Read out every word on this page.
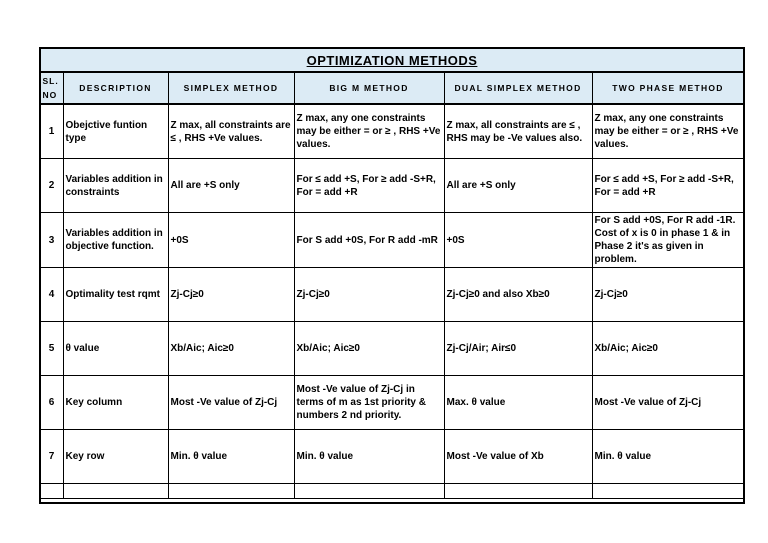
OPTIMIZATION METHODS					
SL.
NO	DESCRIPTION	SIMPLEX METHOD	BIG M METHOD	DUAL SIMPLEX METHOD	TWO PHASE METHOD
1	Obejctive funtion type	Z max, all constraints are ≤ , RHS +Ve values.	Z max, any one constraints may be either = or ≥ , RHS +Ve values.	Z max, all constraints are ≤ , RHS may be -Ve values also.	Z max, any one constraints may be either = or ≥ , RHS +Ve values.
2	Variables addition in constraints	All are +S only	For ≤ add +S, For ≥ add -S+R, For = add +R	All are +S only	For ≤ add +S, For ≥ add -S+R, For = add +R
3	Variables addition in objective function.	+0S	For S add +0S, For R add -mR	+0S	For S add +0S, For R add -1R. Cost of x is 0 in phase 1 & in Phase 2 it's as given in problem.
4	Optimality test rqmt	Zj-Cj≥0	Zj-Cj≥0	Zj-Cj≥0 and also Xb≥0	Zj-Cj≥0
5	θ value	Xb/Aic; Aic≥0	Xb/Aic; Aic≥0	Zj-Cj/Air; Air≤0	Xb/Aic; Aic≥0
6	Key column	Most -Ve value of Zj-Cj	Most -Ve value of Zj-Cj in terms of m as 1st priority & numbers 2 nd priority.	Max. θ value	Most -Ve value of Zj-Cj
7	Key row	Min. θ value	Min. θ value	Most -Ve value of Xb	Min. θ value
